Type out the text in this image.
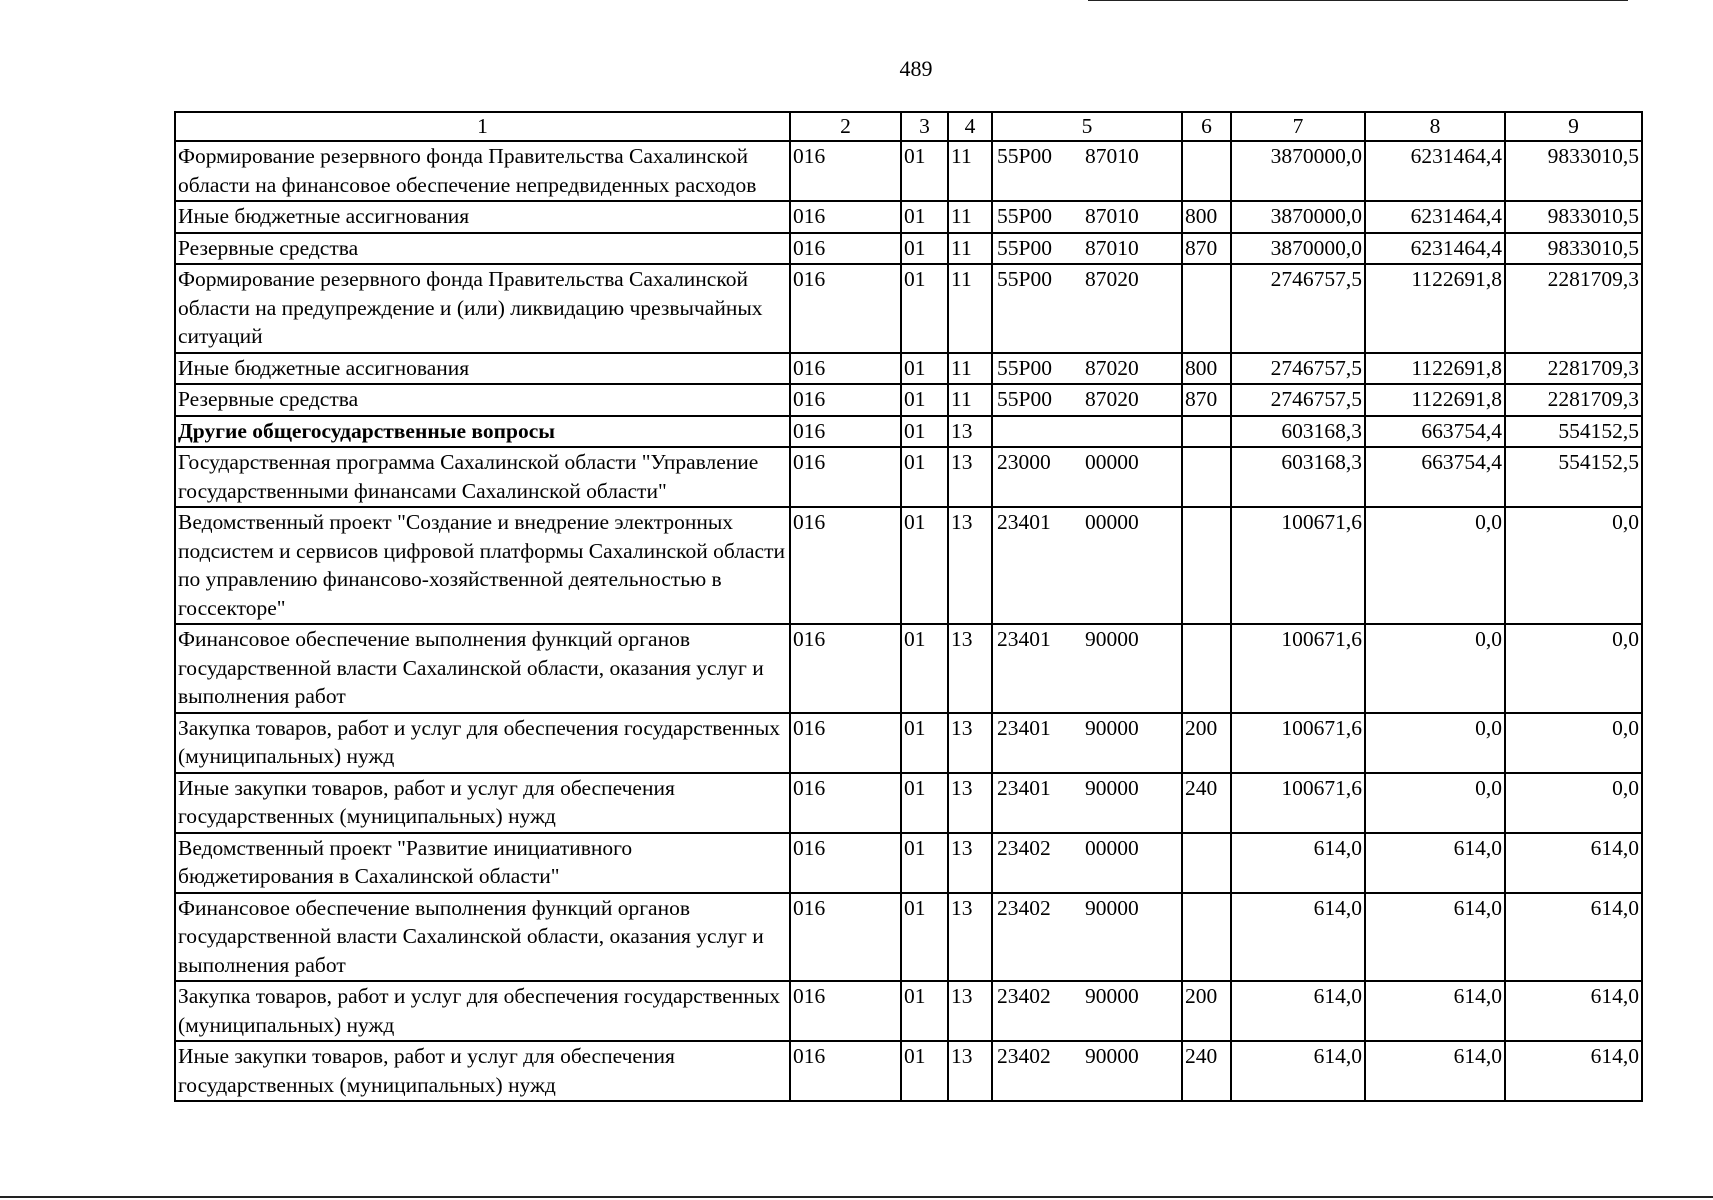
489
1	2	3	4	5	6	7	8	9
Формирование резервного фонда Правительства Сахалинской области на финансовое обеспечение непредвиденных расходов	016	01	11	55Р00 87010		3870000,0	6231464,4	9833010,5
Иные бюджетные ассигнования	016	01	11	55Р00 87010	800	3870000,0	6231464,4	9833010,5
Резервные средства	016	01	11	55Р00 87010	870	3870000,0	6231464,4	9833010,5
Формирование резервного фонда Правительства Сахалинской области на предупреждение и (или) ликвидацию чрезвычайных ситуаций	016	01	11	55Р00 87020		2746757,5	1122691,8	2281709,3
Иные бюджетные ассигнования	016	01	11	55Р00 87020	800	2746757,5	1122691,8	2281709,3
Резервные средства	016	01	11	55Р00 87020	870	2746757,5	1122691,8	2281709,3
Другие общегосударственные вопросы	016	01	13			603168,3	663754,4	554152,5
Государственная программа Сахалинской области "Управление государственными финансами Сахалинской области"	016	01	13	23000 00000		603168,3	663754,4	554152,5
Ведомственный проект "Создание и внедрение электронных подсистем и сервисов цифровой платформы Сахалинской области по управлению финансово-хозяйственной деятельностью в госсекторе"	016	01	13	23401 00000		100671,6	0,0	0,0
Финансовое обеспечение выполнения функций органов государственной власти Сахалинской области, оказания услуг и выполнения работ	016	01	13	23401 90000		100671,6	0,0	0,0
Закупка товаров, работ и услуг для обеспечения государственных (муниципальных) нужд	016	01	13	23401 90000	200	100671,6	0,0	0,0
Иные закупки товаров, работ и услуг для обеспечения государственных (муниципальных) нужд	016	01	13	23401 90000	240	100671,6	0,0	0,0
Ведомственный проект "Развитие инициативного бюджетирования в Сахалинской области"	016	01	13	23402 00000		614,0	614,0	614,0
Финансовое обеспечение выполнения функций органов государственной власти Сахалинской области, оказания услуг и выполнения работ	016	01	13	23402 90000		614,0	614,0	614,0
Закупка товаров, работ и услуг для обеспечения государственных (муниципальных) нужд	016	01	13	23402 90000	200	614,0	614,0	614,0
Иные закупки товаров, работ и услуг для обеспечения государственных (муниципальных) нужд	016	01	13	23402 90000	240	614,0	614,0	614,0
